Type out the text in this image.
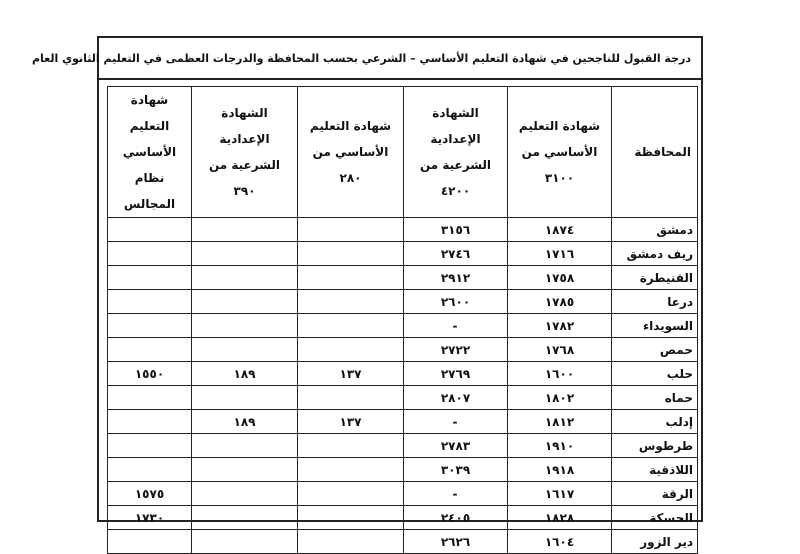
درجة القبول للناجحين في شهادة التعليم الأساسي – الشرعي بحسب المحافظة والدرجات العظمى في التعليم الثانوي العام
المحافظة	شهادة التعليم الأساسي من ٣١٠٠	الشهادة الإعدادية الشرعية من ٤٢٠٠	شهادة التعليم الأساسي من ٢٨٠	الشهادة الإعدادية الشرعية من ٣٩٠	شهادة التعليم الأساسي نظام المجالس
دمشق	١٨٧٤	٣١٥٦			
ريف دمشق	١٧١٦	٢٧٤٦			
القنيطرة	١٧٥٨	٢٩١٢			
درعا	١٧٨٥	٢٦٠٠			
السويداء	١٧٨٢	-			
حمص	١٧٦٨	٢٧٢٢			
حلب	١٦٠٠	٢٧٦٩	١٣٧	١٨٩	١٥٥٠
حماه	١٨٠٢	٢٨٠٧			
إدلب	١٨١٢	-	١٣٧	١٨٩	
طرطوس	١٩١٠	٢٧٨٣			
اللاذقية	١٩١٨	٣٠٣٩			
الرقة	١٦١٧	-			١٥٧٥
الحسكة	١٨٢٨	٢٤٠٥			١٧٣٠
دير الزور	١٦٠٤	٢٦٢٦			
